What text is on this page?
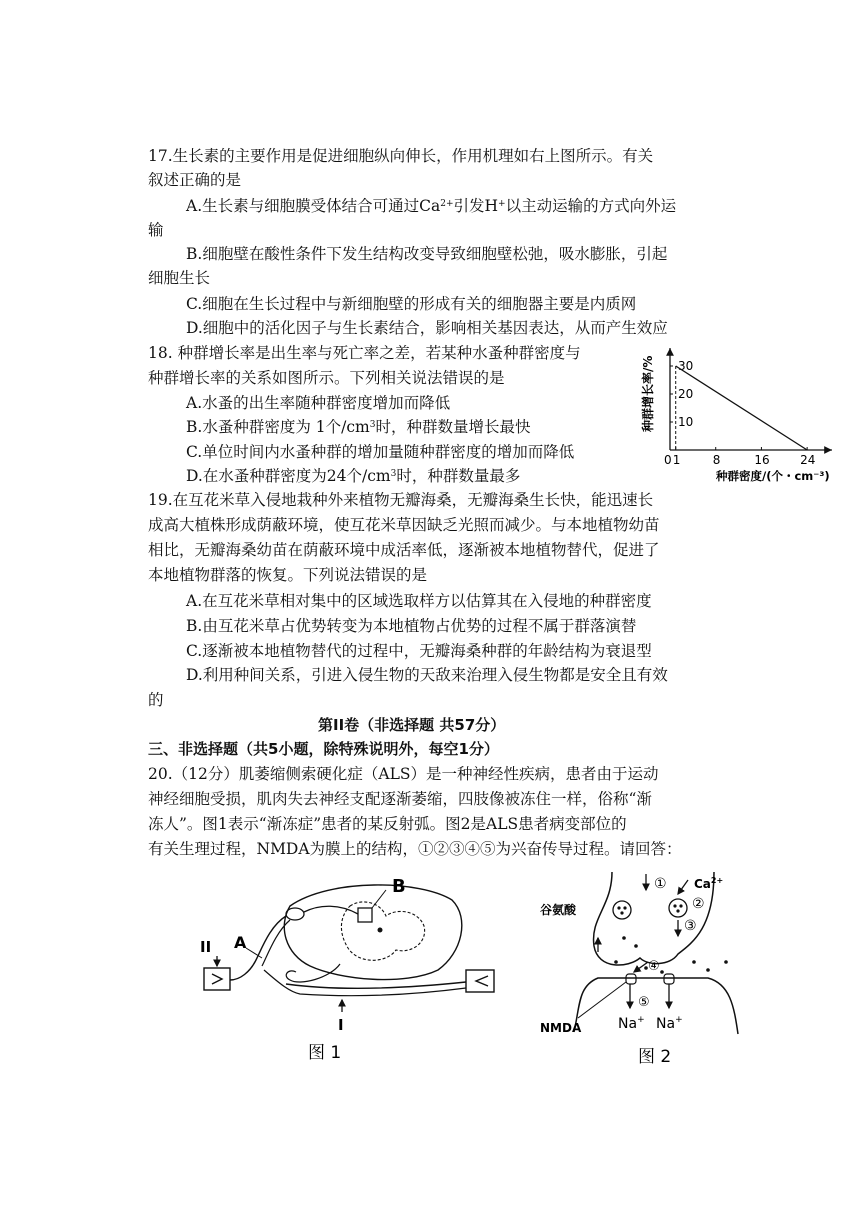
17.生长素的主要作用是促进细胞纵向伸长，作用机理如右上图所示。有关
叙述正确的是
A.生长素与细胞膜受体结合可通过$Ca^{2+}$引发H+以主动运输的方式向外运
输
B.细胞壁在酸性条件下发生结构改变导致细胞壁松弛，吸水膨胀，引起
细胞生长
C.细胞在生长过程中与新细胞壁的形成有关的细胞器主要是内质网
D.细胞中的活化因子与生长素结合，影响相关基因表达，从而产生效应
18. 种群增长率是出生率与死亡率之差，若某种水蚤种群密度与
种群增长率的关系如图所示。下列相关说法错误的是
A.水蚤的出生率随种群密度增加而降低
B.水蚤种群密度为 1个$/cm^3$时，种群数量增长最快
C.单位时间内水蚤种群的增加量随种群密度的增加而降低
D.在水蚤种群密度为24个$/cm^3$时，种群数量最多
0 1	8	16	24
10
20
30
种群增长率/%
种群密度/(个・cm⁻³)
19.在互花米草入侵地栽种外来植物无瓣海桑，无瓣海桑生长快，能迅速长
成高大植株形成荫蔽环境，使互花米草因缺乏光照而减少。与本地植物幼苗
相比，无瓣海桑幼苗在荫蔽环境中成活率低，逐渐被本地植物替代，促进了
本地植物群落的恢复。下列说法错误的是
A.在互花米草相对集中的区域选取样方以估算其在入侵地的种群密度
B.由互花米草占优势转变为本地植物占优势的过程不属于群落演替
C.逐渐被本地植物替代的过程中，无瓣海桑种群的年龄结构为衰退型
D.利用种间关系，引进入侵生物的天敌来治理入侵生物都是安全且有效
的
第II卷（非选择题 共57分）
三、非选择题（共5小题，除特殊说明外，每空1分）
20.（12分）肌萎缩侧索硬化症（ALS）是一种神经性疾病，患者由于运动
神经细胞受损，肌肉失去神经支配逐渐萎缩，四肢像被冻住一样，俗称“渐
冻人”。图1表示“渐冻症”患者的某反射弧。图2是ALS患者病变部位的
有关生理过程，NMDA为膜上的结构，①②③④⑤为兴奋传导过程。请回答：
B
A
II
I
图 1
① $Ca^{2+}$
②
③
谷氨酸
④
⑤
NMDA	Na+ Na+
图 2
